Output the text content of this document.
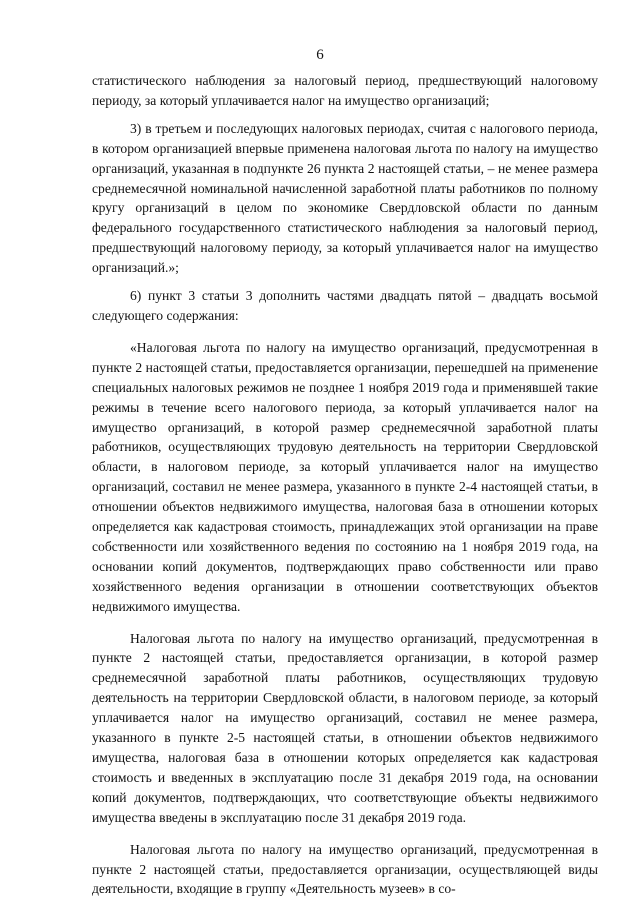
6

статистического наблюдения за налоговый период, предшествующий налоговому периоду, за который уплачивается налог на имущество организаций;

3) в третьем и последующих налоговых периодах, считая с налогового периода, в котором организацией впервые применена налоговая льгота по налогу на имущество организаций, указанная в подпункте 26 пункта 2 настоящей статьи, – не менее размера среднемесячной номинальной начисленной заработной платы работников по полному кругу организаций в целом по экономике Свердловской области по данным федерального государственного статистического наблюдения за налоговый период, предшествующий налоговому периоду, за который уплачивается налог на имущество организаций.»;

6) пункт 3 статьи 3 дополнить частями двадцать пятой – двадцать восьмой следующего содержания:

«Налоговая льгота по налогу на имущество организаций, предусмотренная в пункте 2 настоящей статьи, предоставляется организации, перешедшей на применение специальных налоговых режимов не позднее 1 ноября 2019 года и применявшей такие режимы в течение всего налогового периода, за который уплачивается налог на имущество организаций, в которой размер среднемесячной заработной платы работников, осуществляющих трудовую деятельность на территории Свердловской области, в налоговом периоде, за который уплачивается налог на имущество организаций, составил не менее размера, указанного в пункте 2-4 настоящей статьи, в отношении объектов недвижимого имущества, налоговая база в отношении которых определяется как кадастровая стоимость, принадлежащих этой организации на праве собственности или хозяйственного ведения по состоянию на 1 ноября 2019 года, на основании копий документов, подтверждающих право собственности или право хозяйственного ведения организации в отношении соответствующих объектов недвижимого имущества.

Налоговая льгота по налогу на имущество организаций, предусмотренная в пункте 2 настоящей статьи, предоставляется организации, в которой размер среднемесячной заработной платы работников, осуществляющих трудовую деятельность на территории Свердловской области, в налоговом периоде, за который уплачивается налог на имущество организаций, составил не менее размера, указанного в пункте 2-5 настоящей статьи, в отношении объектов недвижимого имущества, налоговая база в отношении которых определяется как кадастровая стоимость и введенных в эксплуатацию после 31 декабря 2019 года, на основании копий документов, подтверждающих, что соответствующие объекты недвижимого имущества введены в эксплуатацию после 31 декабря 2019 года.

Налоговая льгота по налогу на имущество организаций, предусмотренная в пункте 2 настоящей статьи, предоставляется организации, осуществляющей виды деятельности, входящие в группу «Деятельность музеев» в со-
